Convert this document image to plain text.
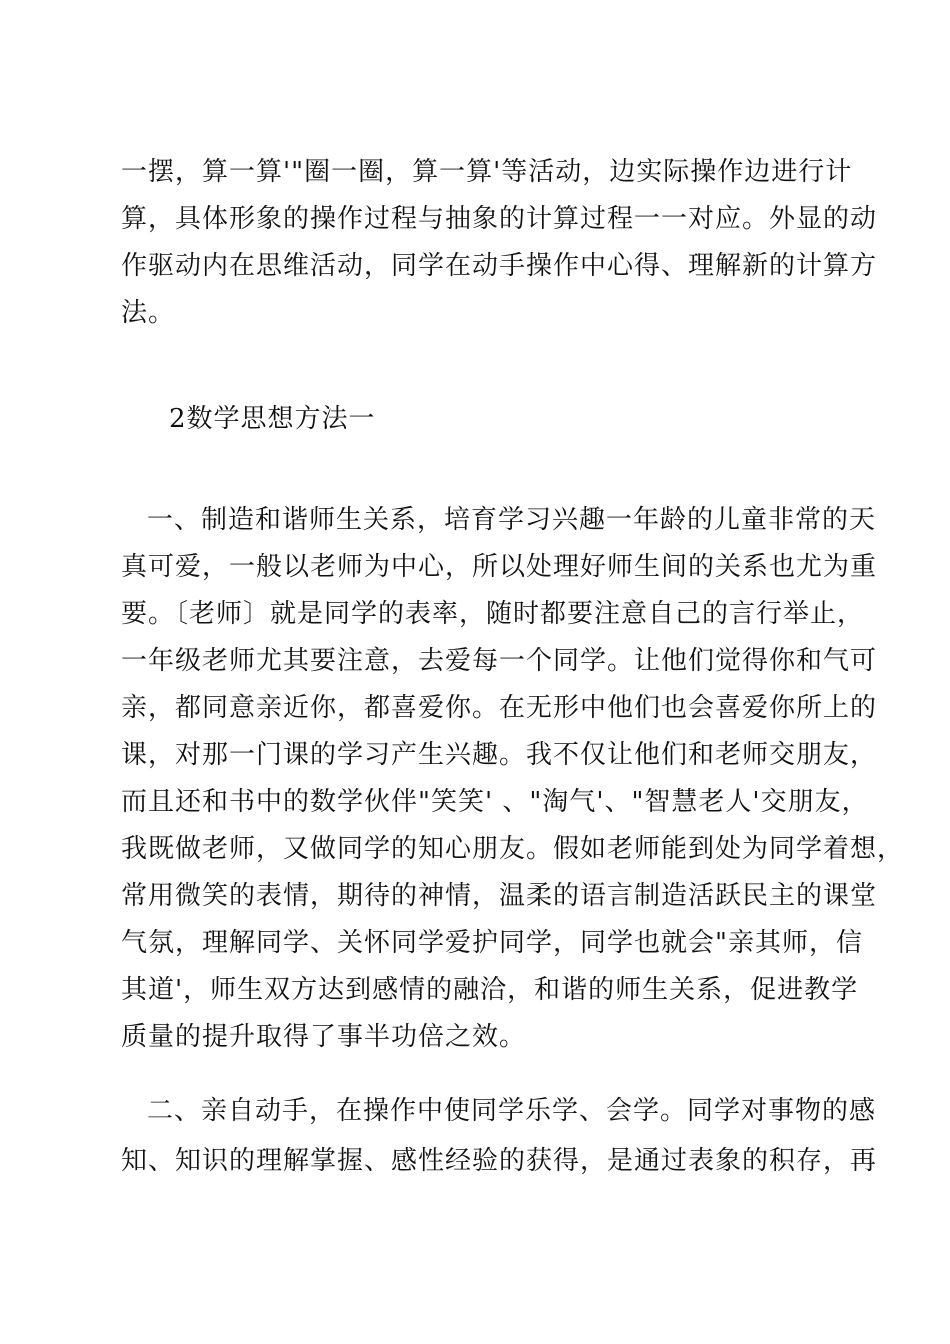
一摆，算一算'"圈一圈，算一算'等活动，边实际操作边进行计
算，具体形象的操作过程与抽象的计算过程一一对应。外显的动
作驱动内在思维活动，同学在动手操作中心得、理解新的计算方
法。
2数学思想方法一
一、制造和谐师生关系，培育学习兴趣一年龄的儿童非常的天
真可爱，一般以老师为中心，所以处理好师生间的关系也尤为重
要。〔老师〕就是同学的表率，随时都要注意自己的言行举止，
一年级老师尤其要注意，去爱每一个同学。让他们觉得你和气可
亲，都同意亲近你，都喜爱你。在无形中他们也会喜爱你所上的
课，对那一门课的学习产生兴趣。我不仅让他们和老师交朋友，
而且还和书中的数学伙伴"笑笑' 、"淘气'、"智慧老人'交朋友，
我既做老师，又做同学的知心朋友。假如老师能到处为同学着想，
常用微笑的表情，期待的神情，温柔的语言制造活跃民主的课堂
气氛，理解同学、关怀同学爱护同学，同学也就会"亲其师，信
其道'，师生双方达到感情的融洽，和谐的师生关系，促进教学
质量的提升取得了事半功倍之效。
二、亲自动手，在操作中使同学乐学、会学。同学对事物的感
知、知识的理解掌握、感性经验的获得，是通过表象的积存，再
